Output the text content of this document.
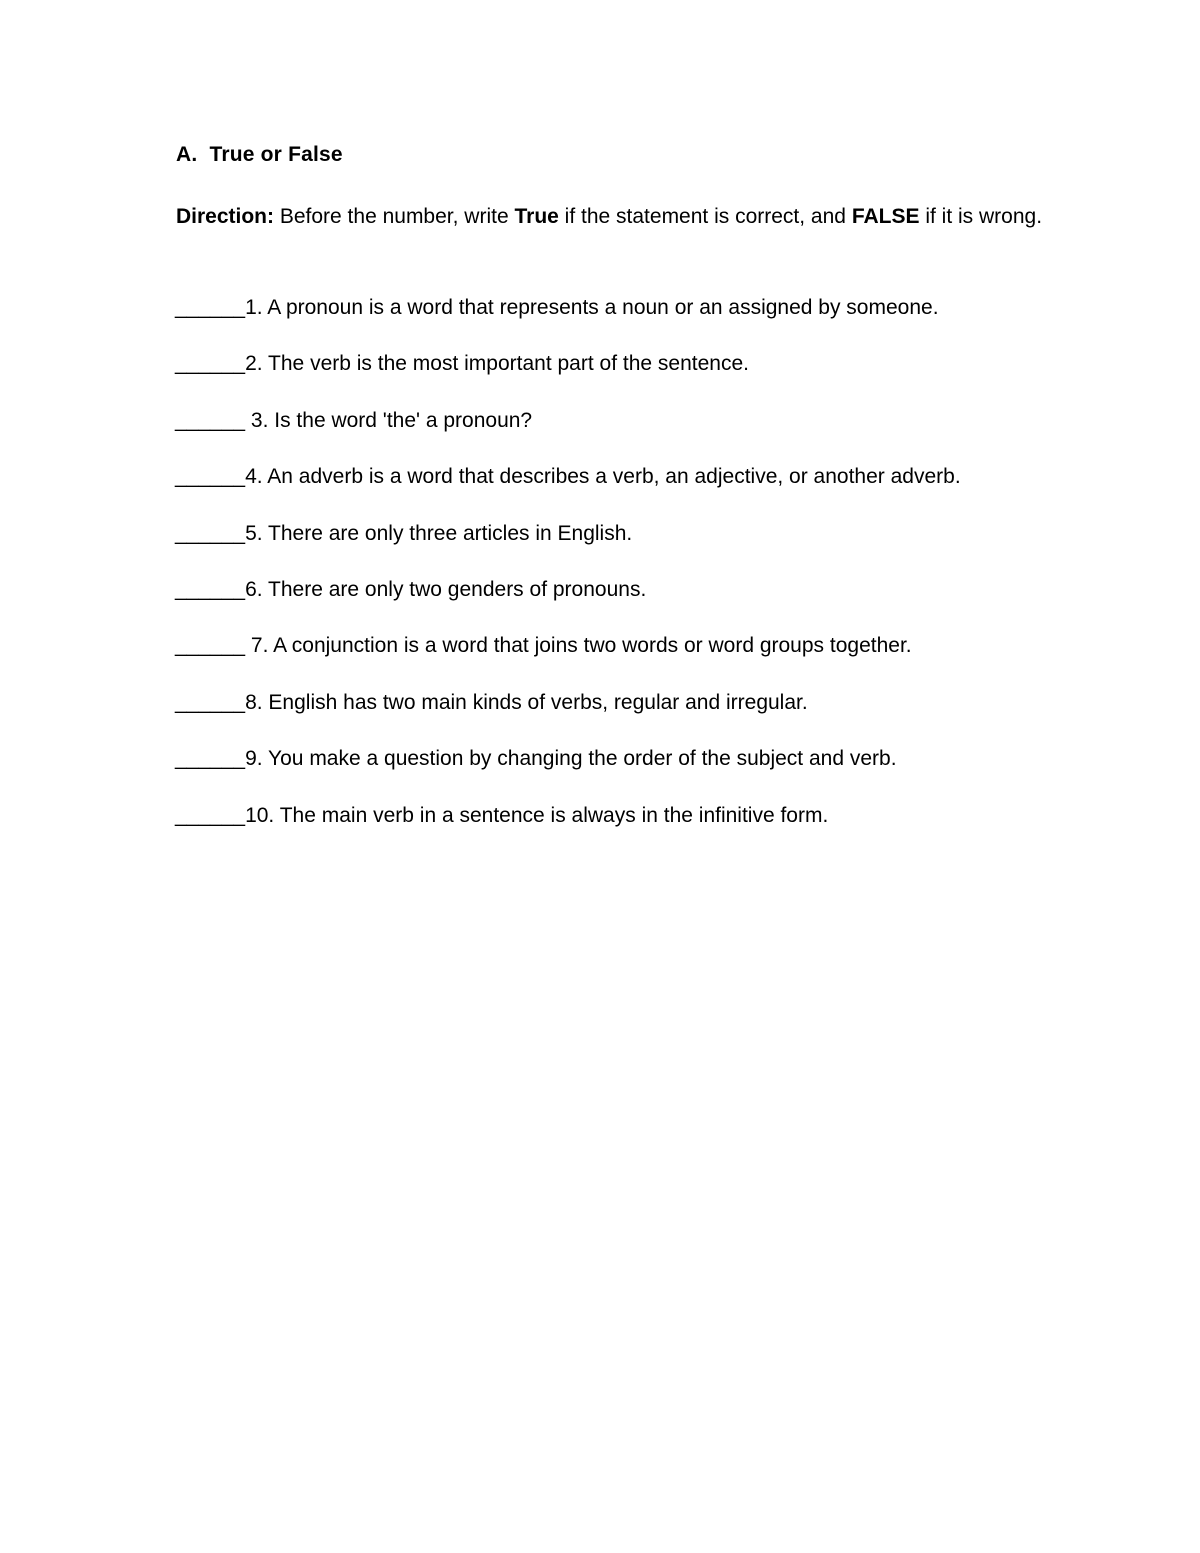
A.  True or False
Direction: Before the number, write True if the statement is correct, and FALSE if it is wrong.
______1. A pronoun is a word that represents a noun or an assigned by someone.
______2. The verb is the most important part of the sentence.
______ 3. Is the word 'the' a pronoun?
______4. An adverb is a word that describes a verb, an adjective, or another adverb.
______5. There are only three articles in English.
______6. There are only two genders of pronouns.
______ 7. A conjunction is a word that joins two words or word groups together.
______8. English has two main kinds of verbs, regular and irregular.
______9. You make a question by changing the order of the subject and verb.
______10. The main verb in a sentence is always in the infinitive form.
